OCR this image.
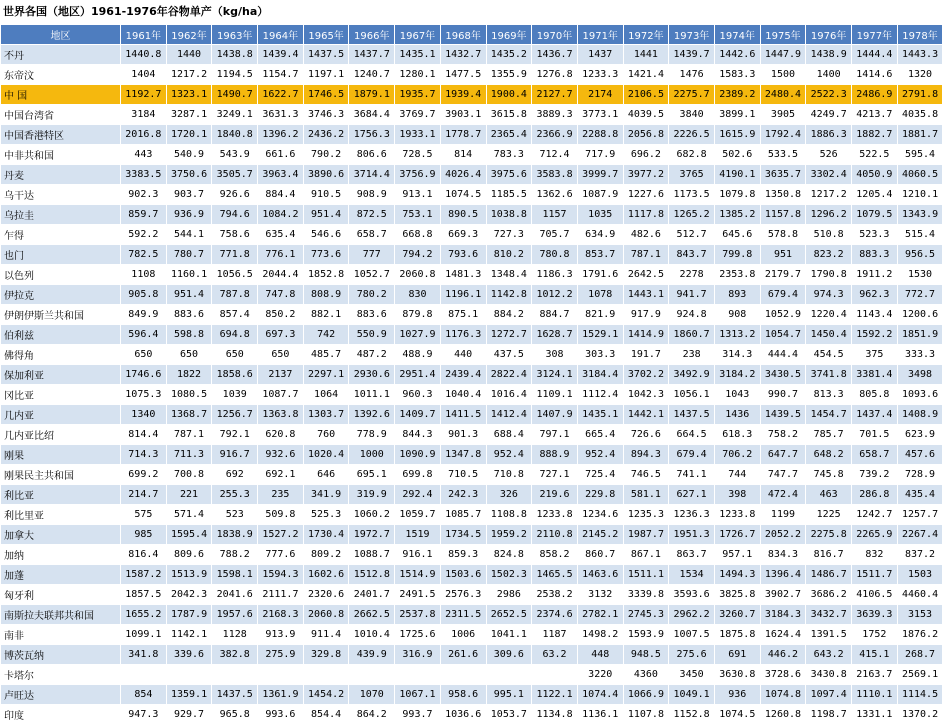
世界各国（地区）1961-1976年谷物单产（kg/ha）
地区	1961年	1962年	1963年	1964年	1965年	1966年	1967年	1968年	1969年	1970年	1971年	1972年	1973年	1974年	1975年	1976年	1977年	1978年
不丹	1440.8	1440	1438.8	1439.4	1437.5	1437.7	1435.1	1432.7	1435.2	1436.7	1437	1441	1439.7	1442.6	1447.9	1438.9	1444.4	1443.3
东帝汶	1404	1217.2	1194.5	1154.7	1197.1	1240.7	1280.1	1477.5	1355.9	1276.8	1233.3	1421.4	1476	1583.3	1500	1400	1414.6	1320
中 国	1192.7	1323.1	1490.7	1622.7	1746.5	1879.1	1935.7	1939.4	1900.4	2127.7	2174	2106.5	2275.7	2389.2	2480.4	2522.3	2486.9	2791.8
中国台湾省	3184	3287.1	3249.1	3631.3	3746.3	3684.4	3769.7	3903.1	3615.8	3889.3	3773.1	4039.5	3840	3899.1	3905	4249.7	4213.7	4035.8
中国香港特区	2016.8	1720.1	1840.8	1396.2	2436.2	1756.3	1933.1	1778.7	2365.4	2366.9	2288.8	2056.8	2226.5	1615.9	1792.4	1886.3	1882.7	1881.7
中非共和国	443	540.9	543.9	661.6	790.2	806.6	728.5	814	783.3	712.4	717.9	696.2	682.8	502.6	533.5	526	522.5	595.4
丹麦	3383.5	3750.6	3505.7	3963.4	3890.6	3714.4	3756.9	4026.4	3975.6	3583.8	3999.7	3977.2	3765	4190.1	3635.7	3302.4	4050.9	4060.5
乌干达	902.3	903.7	926.6	884.4	910.5	908.9	913.1	1074.5	1185.5	1362.6	1087.9	1227.6	1173.5	1079.8	1350.8	1217.2	1205.4	1210.1
乌拉圭	859.7	936.9	794.6	1084.2	951.4	872.5	753.1	890.5	1038.8	1157	1035	1117.8	1265.2	1385.2	1157.8	1296.2	1079.5	1343.9
乍得	592.2	544.1	758.6	635.4	546.6	658.7	668.8	669.3	727.3	705.7	634.9	482.6	512.7	645.6	578.8	510.8	523.3	515.4
也门	782.5	780.7	771.8	776.1	773.6	777	794.2	793.6	810.2	780.8	853.7	787.1	843.7	799.8	951	823.2	883.3	956.5
以色列	1108	1160.1	1056.5	2044.4	1852.8	1052.7	2060.8	1481.3	1348.4	1186.3	1791.6	2642.5	2278	2353.8	2179.7	1790.8	1911.2	1530
伊拉克	905.8	951.4	787.8	747.8	808.9	780.2	830	1196.1	1142.8	1012.2	1078	1443.1	941.7	893	679.4	974.3	962.3	772.7
伊朗伊斯兰共和国	849.9	883.6	857.4	850.2	882.1	883.6	879.8	875.1	884.2	884.7	821.9	917.9	924.8	908	1052.9	1220.4	1143.4	1200.6
伯利兹	596.4	598.8	694.8	697.3	742	550.9	1027.9	1176.3	1272.7	1628.7	1529.1	1414.9	1860.7	1313.2	1054.7	1450.4	1592.2	1851.9
佛得角	650	650	650	650	485.7	487.2	488.9	440	437.5	308	303.3	191.7	238	314.3	444.4	454.5	375	333.3
保加利亚	1746.6	1822	1858.6	2137	2297.1	2930.6	2951.4	2439.4	2822.4	3124.1	3184.4	3702.2	3492.9	3184.2	3430.5	3741.8	3381.4	3498
冈比亚	1075.3	1080.5	1039	1087.7	1064	1011.1	960.3	1040.4	1016.4	1109.1	1112.4	1042.3	1056.1	1043	990.7	813.3	805.8	1093.6
几内亚	1340	1368.7	1256.7	1363.8	1303.7	1392.6	1409.7	1411.5	1412.4	1407.9	1435.1	1442.1	1437.5	1436	1439.5	1454.7	1437.4	1408.9
几内亚比绍	814.4	787.1	792.1	620.8	760	778.9	844.3	901.3	688.4	797.1	665.4	726.6	664.5	618.3	758.2	785.7	701.5	623.9
刚果	714.3	711.3	916.7	932.6	1020.4	1000	1090.9	1347.8	952.4	888.9	952.4	894.3	679.4	706.2	647.7	648.2	658.7	457.6
刚果民主共和国	699.2	700.8	692	692.1	646	695.1	699.8	710.5	710.8	727.1	725.4	746.5	741.1	744	747.7	745.8	739.2	728.9
利比亚	214.7	221	255.3	235	341.9	319.9	292.4	242.3	326	219.6	229.8	581.1	627.1	398	472.4	463	286.8	435.4
利比里亚	575	571.4	523	509.8	525.3	1060.2	1059.7	1085.7	1108.8	1233.8	1234.6	1235.3	1236.3	1233.8	1199	1225	1242.7	1257.7
加拿大	985	1595.4	1838.9	1527.2	1730.4	1972.7	1519	1734.5	1959.2	2110.8	2145.2	1987.7	1951.3	1726.7	2052.2	2275.8	2265.9	2267.4
加纳	816.4	809.6	788.2	777.6	809.2	1088.7	916.1	859.3	824.8	858.2	860.7	867.1	863.7	957.1	834.3	816.7	832	837.2
加蓬	1587.2	1513.9	1598.1	1594.3	1602.6	1512.8	1514.9	1503.6	1502.3	1465.5	1463.6	1511.1	1534	1494.3	1396.4	1486.7	1511.7	1503
匈牙利	1857.5	2042.3	2041.6	2111.7	2320.6	2401.7	2491.5	2576.3	2986	2538.2	3132	3339.8	3593.6	3825.8	3902.7	3686.2	4106.5	4460.4
南斯拉夫联邦共和国	1655.2	1787.9	1957.6	2168.3	2060.8	2662.5	2537.8	2311.5	2652.5	2374.6	2782.1	2745.3	2962.2	3260.7	3184.3	3432.7	3639.3	3153
南非	1099.1	1142.1	1128	913.9	911.4	1010.4	1725.6	1006	1041.1	1187	1498.2	1593.9	1007.5	1875.8	1624.4	1391.5	1752	1876.2
博茨瓦纳	341.8	339.6	382.8	275.9	329.8	439.9	316.9	261.6	309.6	63.2	448	948.5	275.6	691	446.2	643.2	415.1	268.7
卡塔尔											3220	4360	3450	3630.8	3728.6	3430.8	2163.7	2569.1
卢旺达	854	1359.1	1437.5	1361.9	1454.2	1070	1067.1	958.6	995.1	1122.1	1074.4	1066.9	1049.1	936	1074.8	1097.4	1110.1	1114.5
印度	947.3	929.7	965.8	993.6	854.4	864.2	993.7	1036.6	1053.7	1134.8	1136.1	1107.8	1152.8	1074.5	1260.8	1198.7	1331.1	1370.2
